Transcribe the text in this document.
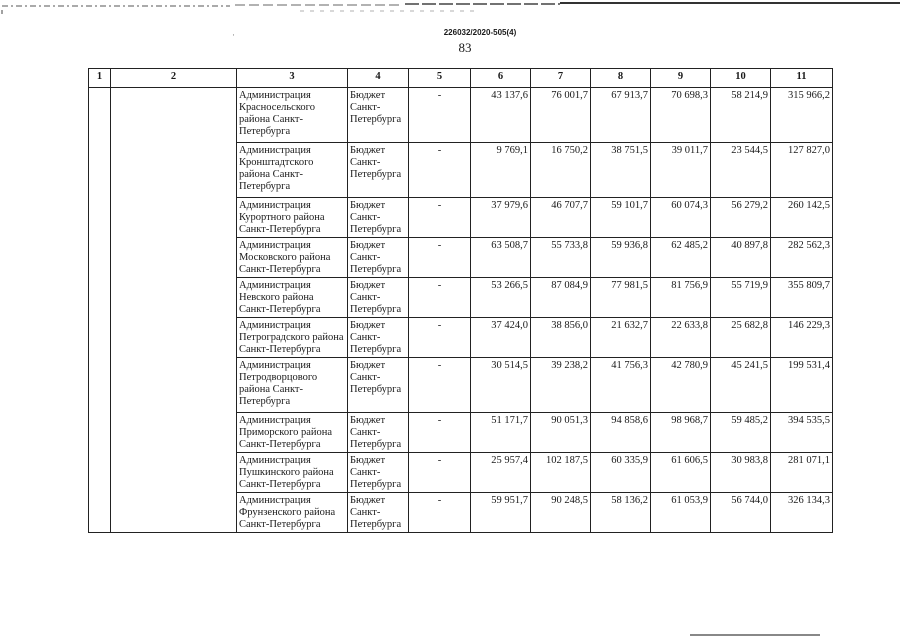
226032/2020-505(4)
83
·
1	2	3	4	5	6	7	8	9	10	11
		Администрация Красносельского района Санкт-Петербурга	Бюджет Санкт-Петербурга	-	43 137,6	76 001,7	67 913,7	70 698,3	58 214,9	315 966,2
		Администрация Кронштадтского района Санкт-Петербурга	Бюджет Санкт-Петербурга	-	9 769,1	16 750,2	38 751,5	39 011,7	23 544,5	127 827,0
		Администрация Курортного района Санкт-Петербурга	Бюджет Санкт-Петербурга	-	37 979,6	46 707,7	59 101,7	60 074,3	56 279,2	260 142,5
		Администрация Московского района Санкт-Петербурга	Бюджет Санкт-Петербурга	-	63 508,7	55 733,8	59 936,8	62 485,2	40 897,8	282 562,3
		Администрация Невского района Санкт-Петербурга	Бюджет Санкт-Петербурга	-	53 266,5	87 084,9	77 981,5	81 756,9	55 719,9	355 809,7
		Администрация Петроградского района Санкт-Петербурга	Бюджет Санкт-Петербурга	-	37 424,0	38 856,0	21 632,7	22 633,8	25 682,8	146 229,3
		Администрация Петродворцового района Санкт-Петербурга	Бюджет Санкт-Петербурга	-	30 514,5	39 238,2	41 756,3	42 780,9	45 241,5	199 531,4
		Администрация Приморского района Санкт-Петербурга	Бюджет Санкт-Петербурга	-	51 171,7	90 051,3	94 858,6	98 968,7	59 485,2	394 535,5
		Администрация Пушкинского района Санкт-Петербурга	Бюджет Санкт-Петербурга	-	25 957,4	102 187,5	60 335,9	61 606,5	30 983,8	281 071,1
		Администрация Фрунзенского района Санкт-Петербурга	Бюджет Санкт-Петербурга	-	59 951,7	90 248,5	58 136,2	61 053,9	56 744,0	326 134,3
